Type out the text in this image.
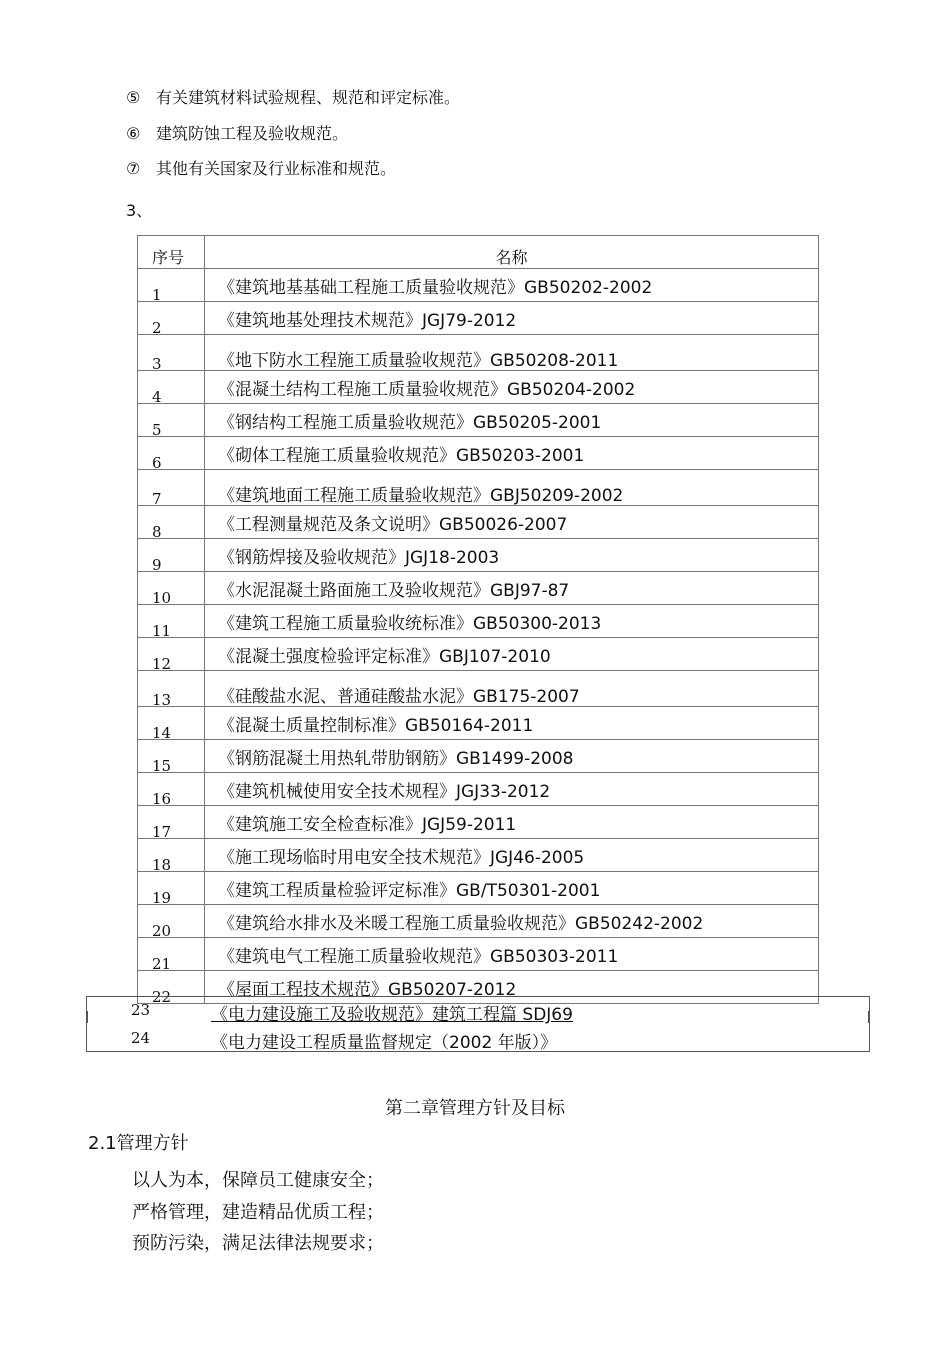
⑤ 有关建筑材料试验规程、规范和评定标准。
⑥ 建筑防蚀工程及验收规范。
⑦ 其他有关国家及行业标准和规范。
3、
序号	名称
1	《建筑地基基础工程施工质量验收规范》GB50202-2002
2	《建筑地基处理技术规范》JGJ79-2012
3	《地下防水工程施工质量验收规范》GB50208-2011
4	《混凝土结构工程施工质量验收规范》GB50204-2002
5	《钢结构工程施工质量验收规范》GB50205-2001
6	《砌体工程施工质量验收规范》GB50203-2001
7	《建筑地面工程施工质量验收规范》GBJ50209-2002
8	《工程测量规范及条文说明》GB50026-2007
9	《钢筋焊接及验收规范》JGJ18-2003
10	《水泥混凝土路面施工及验收规范》GBJ97-87
11	《建筑工程施工质量验收统标准》GB50300-2013
12	《混凝土强度检验评定标准》GBJ107-2010
13	《硅酸盐水泥、普通硅酸盐水泥》GB175-2007
14	《混凝土质量控制标准》GB50164-2011
15	《钢筋混凝土用热轧带肋钢筋》GB1499-2008
16	《建筑机械使用安全技术规程》JGJ33-2012
17	《建筑施工安全检查标准》JGJ59-2011
18	《施工现场临时用电安全技术规范》JGJ46-2005
19	《建筑工程质量检验评定标准》GB/T50301-2001
20	《建筑给水排水及米暖工程施工质量验收规范》GB50242-2002
21	《建筑电气工程施工质量验收规范》GB50303-2011
22	《屋面工程技术规范》GB50207-2012
23	《电力建设施工及验收规范》建筑工程篇 SDJ69
24	《电力建设工程质量监督规定（2002 年版）》
第二章管理方针及目标
2.1管理方针
以人为本，保障员工健康安全；
严格管理，建造精品优质工程；
预防污染，满足法律法规要求；
